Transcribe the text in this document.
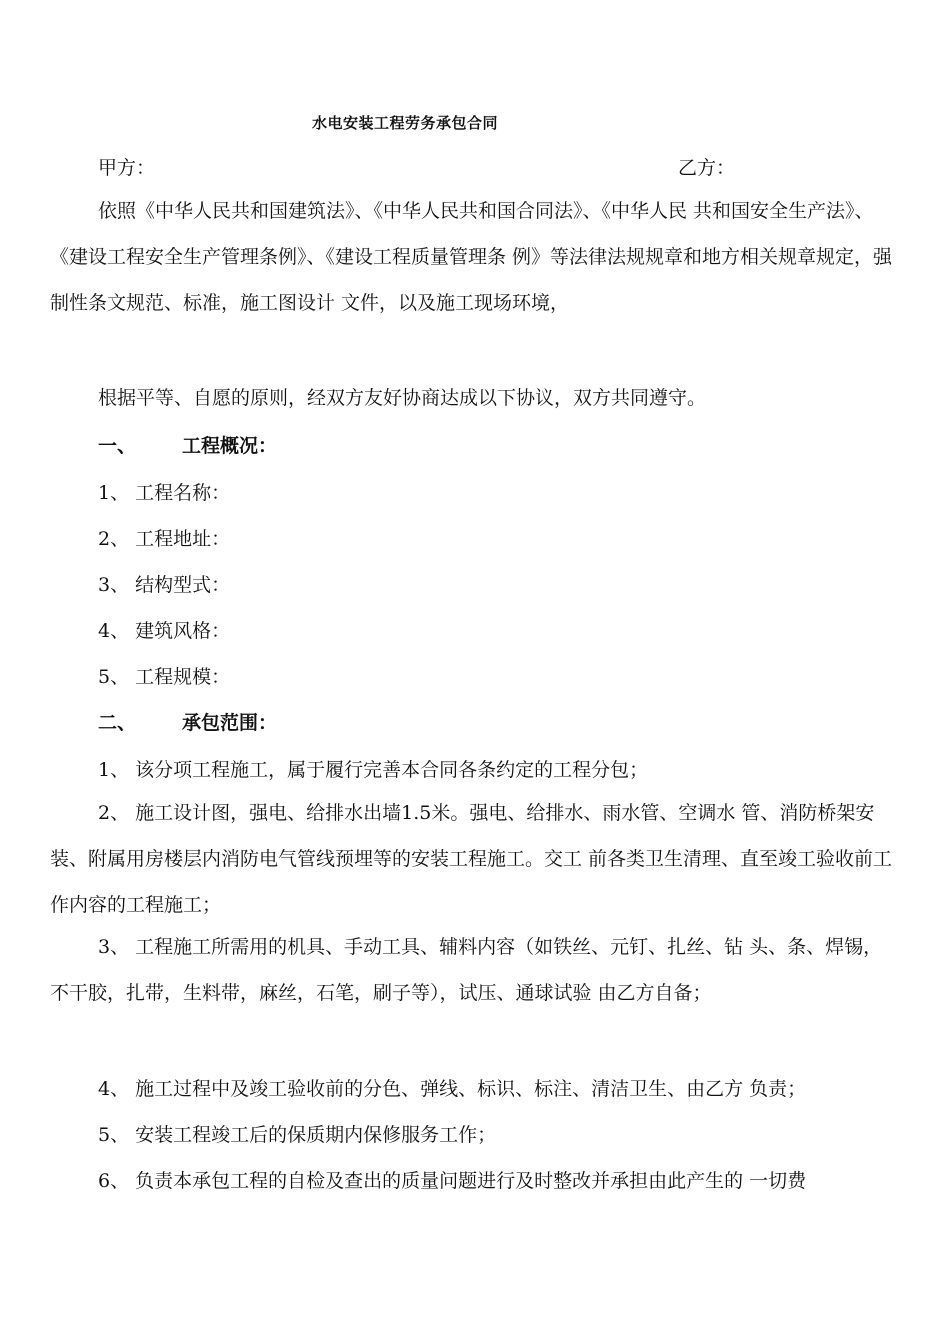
水电安装工程劳务承包合同
甲方：	乙方：
依照《中华人民共和国建筑法》、《中华人民共和国合同法》、《中华人民 共和国安全生产法》、《建设工程安全生产管理条例》、《建设工程质量管理条 例》等法律法规规章和地方相关规章规定，强制性条文规范、标准，施工图设计 文件，以及施工现场环境，
根据平等、自愿的原则，经双方友好协商达成以下协议，双方共同遵守。
一、 工程概况：
1、 工程名称：
2、 工程地址：
3、 结构型式：
4、 建筑风格：
5、 工程规模：
二、 承包范围：
1、 该分项工程施工，属于履行完善本合同各条约定的工程分包；
2、 施工设计图，强电、给排水出墙1.5米。强电、给排水、雨水管、空调水 管、消防桥架安装、附属用房楼层内消防电气管线预埋等的安装工程施工。交工 前各类卫生清理、直至竣工验收前工作内容的工程施工；
3、 工程施工所需用的机具、手动工具、辅料内容（如铁丝、元钉、扎丝、钻 头、条、焊锡，不干胶，扎带，生料带，麻丝，石笔，刷子等），试压、通球试验 由乙方自备；
4、 施工过程中及竣工验收前的分色、弹线、标识、标注、清洁卫生、由乙方 负责；
5、 安装工程竣工后的保质期内保修服务工作；
6、 负责本承包工程的自检及查出的质量问题进行及时整改并承担由此产生的 一切费
